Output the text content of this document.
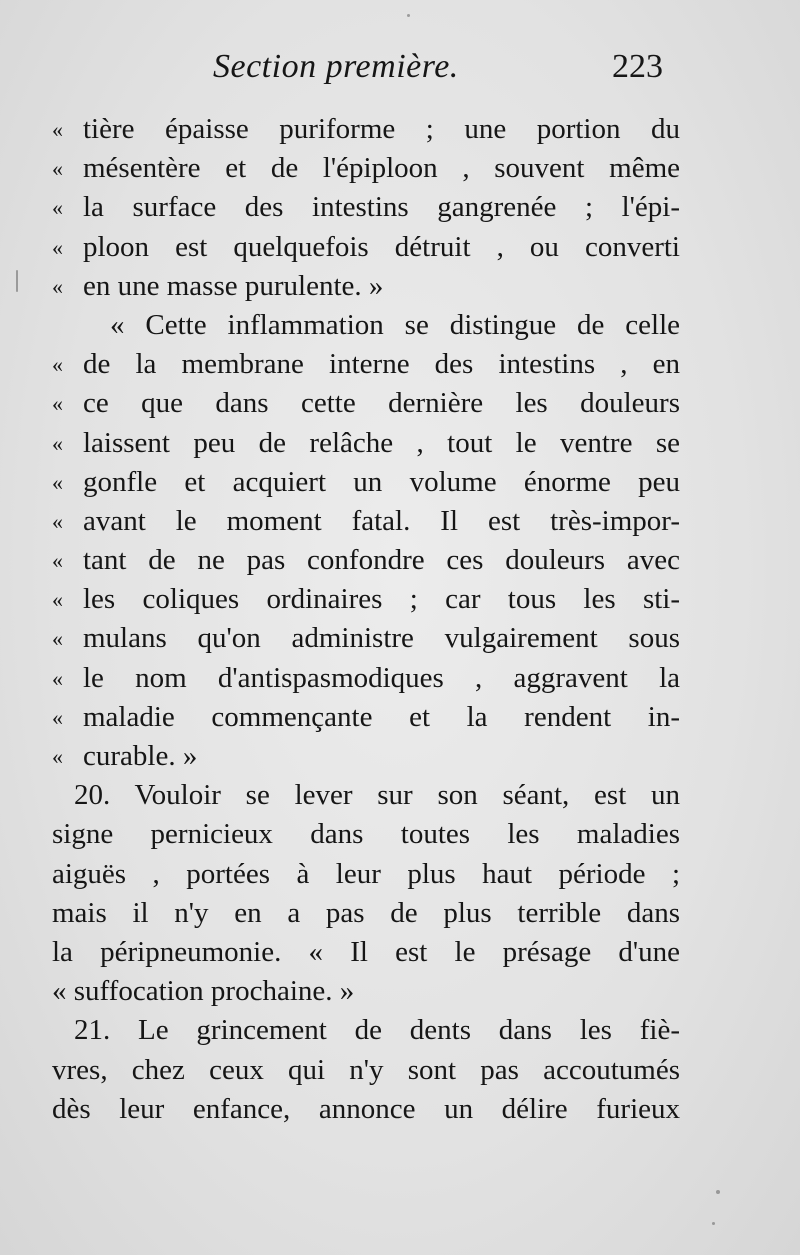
Section première.	223
« tière épaisse puriforme ; une portion du
« mésentère et de l'épiploon , souvent même
« la surface des intestins gangrenée ; l'épi-
« ploon est quelquefois détruit , ou converti
« en une masse purulente. »
« Cette inflammation se distingue de celle
« de la membrane interne des intestins , en
« ce que dans cette dernière les douleurs
« laissent peu de relâche , tout le ventre se
« gonfle et acquiert un volume énorme peu
« avant le moment fatal. Il est très-impor-
« tant de ne pas confondre ces douleurs avec
« les coliques ordinaires ; car tous les sti-
« mulans qu'on administre vulgairement sous
« le nom d'antispasmodiques , aggravent la
« maladie commençante et la rendent in-
« curable. »
20. Vouloir se lever sur son séant, est un
signe pernicieux dans toutes les maladies
aiguës , portées à leur plus haut période ;
mais il n'y en a pas de plus terrible dans
la péripneumonie. « Il est le présage d'une
« suffocation prochaine. »
21. Le grincement de dents dans les fiè-
vres, chez ceux qui n'y sont pas accoutumés
dès leur enfance, annonce un délire furieux
